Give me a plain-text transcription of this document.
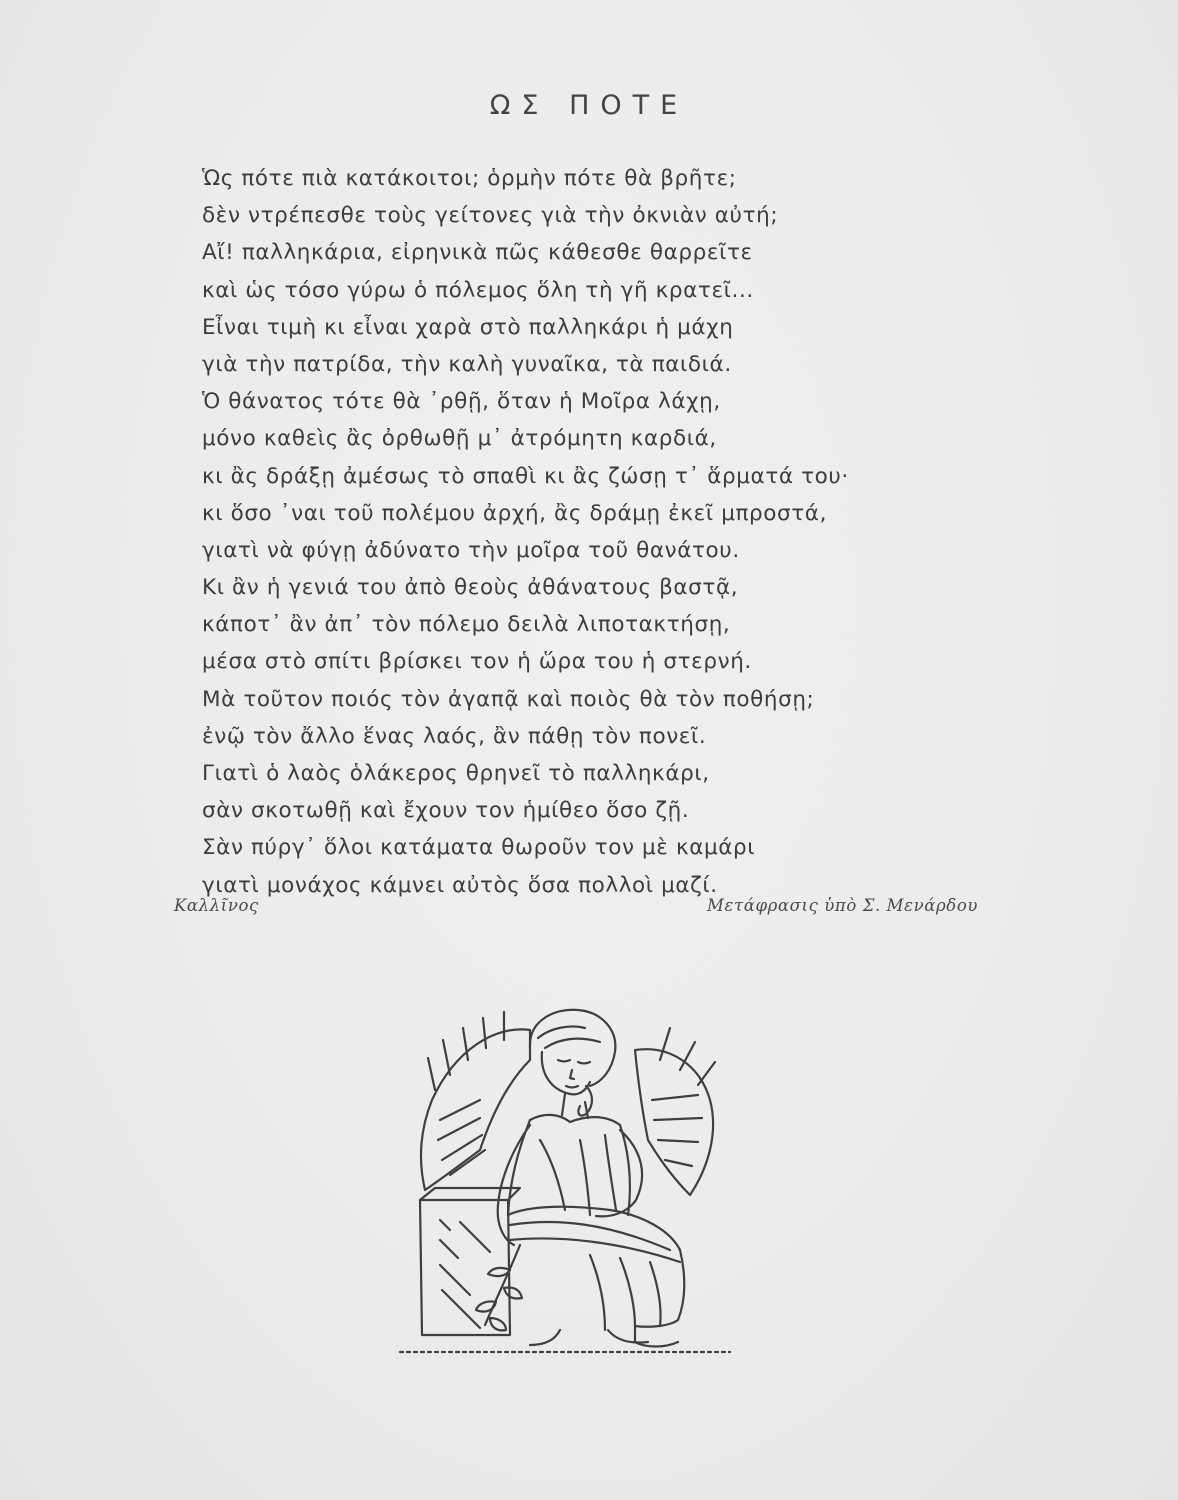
ΩΣ ΠΟΤΕ
Ὡς πότε πιὰ κατάκοιτοι; ὁρμὴν πότε θὰ βρῆτε;
δὲν ντρέπεσθε τοὺς γείτονες γιὰ τὴν ὀκνιὰν αὐτή;
Αἴ! παλληκάρια, εἰρηνικὰ πῶς κάθεσθε θαρρεῖτε
καὶ ὡς τόσο γύρω ὁ πόλεμος ὅλη τὴ γῆ κρατεῖ...
Εἶναι τιμὴ κι εἶναι χαρὰ στὸ παλληκάρι ἡ μάχη
γιὰ τὴν πατρίδα, τὴν καλὴ γυναῖκα, τὰ παιδιά.
Ὁ θάνατος τότε θὰ ᾿ρθῇ, ὅταν ἡ Μοῖρα λάχῃ,
μόνο καθεὶς ἂς ὀρθωθῇ μ᾿ ἀτρόμητη καρδιά,
κι ἂς δράξῃ ἀμέσως τὸ σπαθὶ κι ἂς ζώσῃ τ᾿ ἅρματά του·
κι ὅσο ᾿ναι τοῦ πολέμου ἀρχή, ἂς δράμῃ ἐκεῖ μπροστά,
γιατὶ νὰ φύγῃ ἀδύνατο τὴν μοῖρα τοῦ θανάτου.
Κι ἂν ἡ γενιά του ἀπὸ θεοὺς ἀθάνατους βαστᾷ,
κάποτ᾿ ἂν ἀπ᾿ τὸν πόλεμο δειλὰ λιποτακτήσῃ,
μέσα στὸ σπίτι βρίσκει τον ἡ ὥρα του ἡ στερνή.
Μὰ τοῦτον ποιός τὸν ἀγαπᾷ καὶ ποιὸς θὰ τὸν ποθήσῃ;
ἐνῷ τὸν ἄλλο ἕνας λαός, ἂν πάθῃ τὸν πονεῖ.
Γιατὶ ὁ λαὸς ὁλάκερος θρηνεῖ τὸ παλληκάρι,
σὰν σκοτωθῇ καὶ ἔχουν τον ἡμίθεο ὅσο ζῇ.
Σὰν πύργ᾿ ὅλοι κατάματα θωροῦν τον μὲ καμάρι
γιατὶ μονάχος κάμνει αὐτὸς ὅσα πολλοὶ μαζί.
Καλλῖνος	Μετάφρασις ὑπὸ Σ. Μενάρδου
